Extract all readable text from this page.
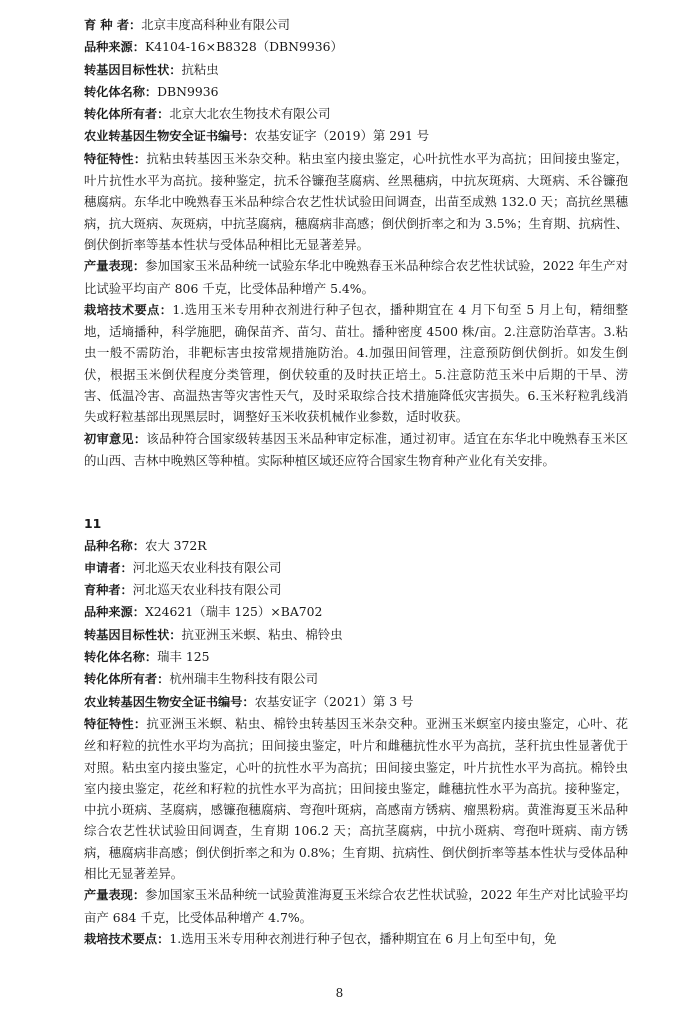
育 种 者：北京丰度高科种业有限公司
品种来源：K4104-16×B8328（DBN9936）
转基因目标性状：抗粘虫
转化体名称：DBN9936
转化体所有者：北京大北农生物技术有限公司
农业转基因生物安全证书编号：农基安证字（2019）第 291 号
特征特性：抗粘虫转基因玉米杂交种。粘虫室内接虫鉴定，心叶抗性水平为高抗；田间接虫鉴定，叶片抗性水平为高抗。接种鉴定，抗禾谷镰孢茎腐病、丝黑穗病，中抗灰斑病、大斑病、禾谷镰孢穗腐病。东华北中晚熟春玉米品种综合农艺性状试验田间调查，出苗至成熟 132.0 天；高抗丝黑穗病，抗大斑病、灰斑病，中抗茎腐病，穗腐病非高感；倒伏倒折率之和为 3.5%；生育期、抗病性、倒伏倒折率等基本性状与受体品种相比无显著差异。
产量表现：参加国家玉米品种统一试验东华北中晚熟春玉米品种综合农艺性状试验，2022 年生产对比试验平均亩产 806 千克，比受体品种增产 5.4%。
栽培技术要点：1.选用玉米专用种衣剂进行种子包衣，播种期宜在 4 月下旬至 5 月上旬，精细整地，适墒播种，科学施肥，确保苗齐、苗匀、苗壮。播种密度 4500 株/亩。2.注意防治草害。3.粘虫一般不需防治，非靶标害虫按常规措施防治。4.加强田间管理，注意预防倒伏倒折。如发生倒伏，根据玉米倒伏程度分类管理，倒伏较重的及时扶正培土。5.注意防范玉米中后期的干旱、涝害、低温冷害、高温热害等灾害性天气，及时采取综合技术措施降低灾害损失。6.玉米籽粒乳线消失或籽粒基部出现黑层时，调整好玉米收获机械作业参数，适时收获。
初审意见：该品种符合国家级转基因玉米品种审定标准，通过初审。适宜在东华北中晚熟春玉米区的山西、吉林中晚熟区等种植。实际种植区域还应符合国家生物育种产业化有关安排。
11
品种名称：农大 372R
申请者：河北巡天农业科技有限公司
育种者：河北巡天农业科技有限公司
品种来源：X24621（瑞丰 125）×BA702
转基因目标性状：抗亚洲玉米螟、粘虫、棉铃虫
转化体名称：瑞丰 125
转化体所有者：杭州瑞丰生物科技有限公司
农业转基因生物安全证书编号：农基安证字（2021）第 3 号
特征特性：抗亚洲玉米螟、粘虫、棉铃虫转基因玉米杂交种。亚洲玉米螟室内接虫鉴定，心叶、花丝和籽粒的抗性水平均为高抗；田间接虫鉴定，叶片和雌穗抗性水平为高抗，茎秆抗虫性显著优于对照。粘虫室内接虫鉴定，心叶的抗性水平为高抗；田间接虫鉴定，叶片抗性水平为高抗。棉铃虫室内接虫鉴定，花丝和籽粒的抗性水平为高抗；田间接虫鉴定，雌穗抗性水平为高抗。接种鉴定，中抗小斑病、茎腐病，感镰孢穗腐病、弯孢叶斑病，高感南方锈病、瘤黑粉病。黄淮海夏玉米品种综合农艺性状试验田间调查，生育期 106.2 天；高抗茎腐病，中抗小斑病、弯孢叶斑病、南方锈病，穗腐病非高感；倒伏倒折率之和为 0.8%；生育期、抗病性、倒伏倒折率等基本性状与受体品种相比无显著差异。
产量表现：参加国家玉米品种统一试验黄淮海夏玉米综合农艺性状试验，2022 年生产对比试验平均亩产 684 千克，比受体品种增产 4.7%。
栽培技术要点：1.选用玉米专用种衣剂进行种子包衣，播种期宜在 6 月上旬至中旬，免
8
